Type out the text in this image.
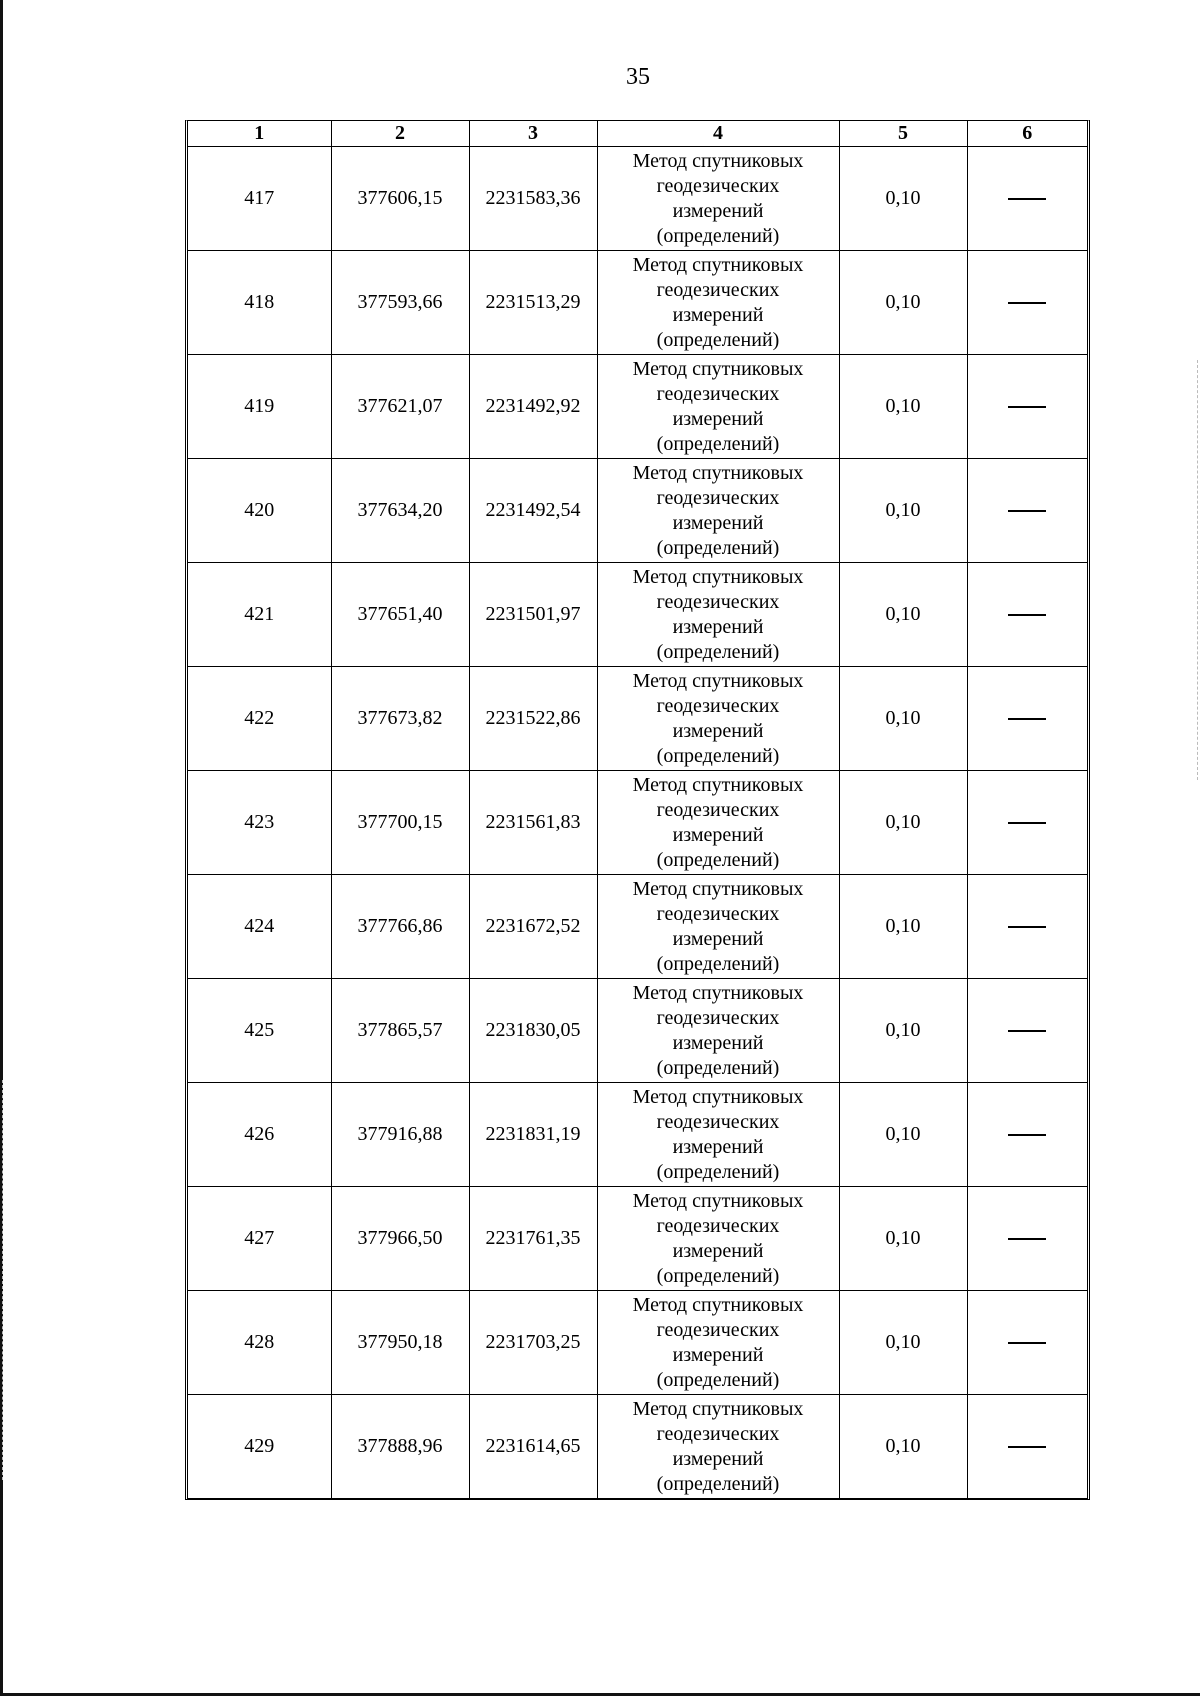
35
1	2	3	4	5	6
417	377606,15	2231583,36	Метод спутниковых
геодезических
измерений
(определений)	0,10	
418	377593,66	2231513,29	Метод спутниковых
геодезических
измерений
(определений)	0,10	
419	377621,07	2231492,92	Метод спутниковых
геодезических
измерений
(определений)	0,10	
420	377634,20	2231492,54	Метод спутниковых
геодезических
измерений
(определений)	0,10	
421	377651,40	2231501,97	Метод спутниковых
геодезических
измерений
(определений)	0,10	
422	377673,82	2231522,86	Метод спутниковых
геодезических
измерений
(определений)	0,10	
423	377700,15	2231561,83	Метод спутниковых
геодезических
измерений
(определений)	0,10	
424	377766,86	2231672,52	Метод спутниковых
геодезических
измерений
(определений)	0,10	
425	377865,57	2231830,05	Метод спутниковых
геодезических
измерений
(определений)	0,10	
426	377916,88	2231831,19	Метод спутниковых
геодезических
измерений
(определений)	0,10	
427	377966,50	2231761,35	Метод спутниковых
геодезических
измерений
(определений)	0,10	
428	377950,18	2231703,25	Метод спутниковых
геодезических
измерений
(определений)	0,10	
429	377888,96	2231614,65	Метод спутниковых
геодезических
измерений
(определений)	0,10	
